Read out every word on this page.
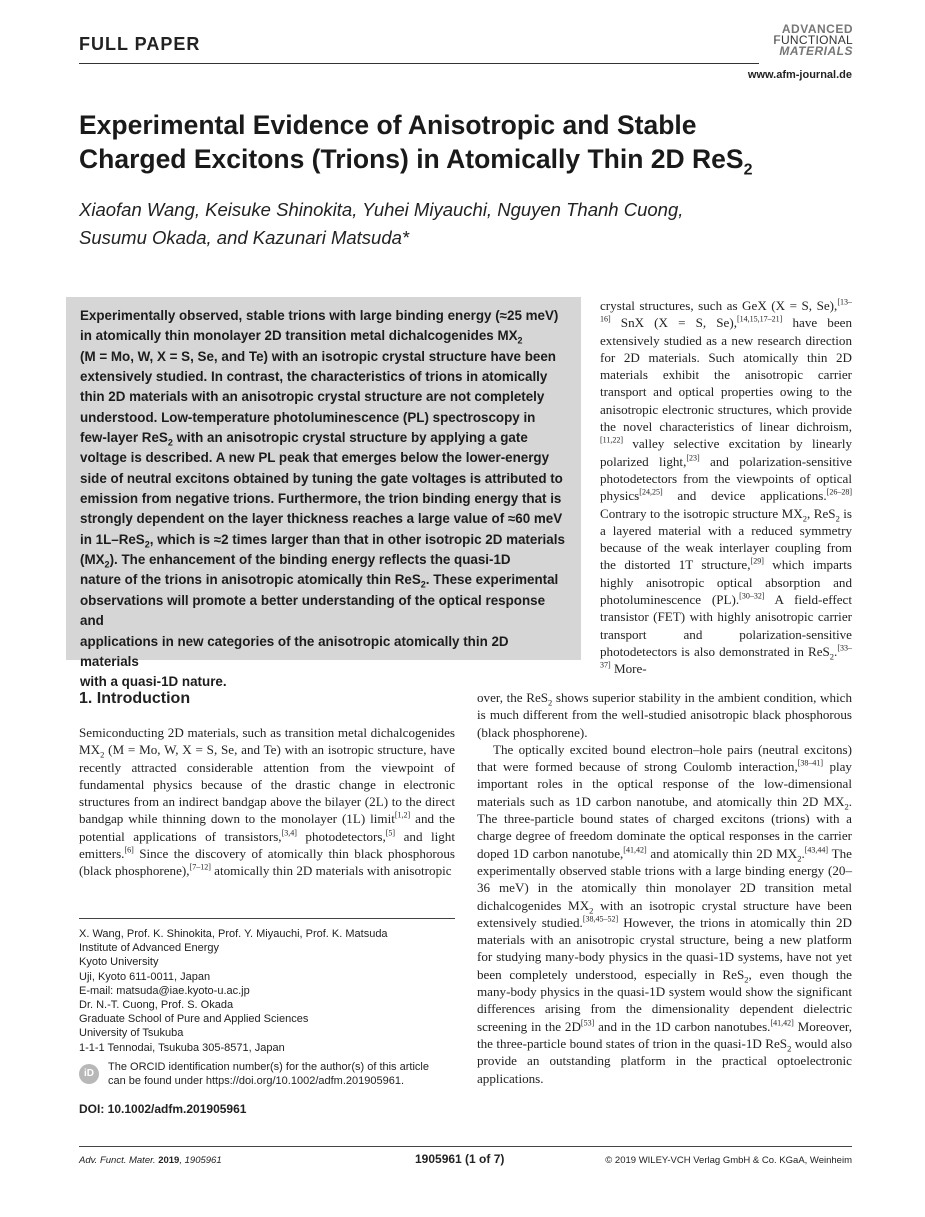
FULL PAPER
ADVANCED
FUNCTIONAL
MATERIALS
www.afm-journal.de
Experimental Evidence of Anisotropic and Stable
Charged Excitons (Trions) in Atomically Thin 2D ReS$_2$
Xiaofan Wang, Keisuke Shinokita, Yuhei Miyauchi, Nguyen Thanh Cuong,
Susumu Okada, and Kazunari Matsuda*
Experimentally observed, stable trions with large binding energy (≈25 meV)
in atomically thin monolayer 2D transition metal dichalcogenides $MX_2$
(M = Mo, W, X = S, Se, and Te) with an isotropic crystal structure have been
extensively studied. In contrast, the characteristics of trions in atomically
thin 2D materials with an anisotropic crystal structure are not completely
understood. Low-temperature photoluminescence (PL) spectroscopy in
few-layer ReS$_2$ with an anisotropic crystal structure by applying a gate
voltage is described. A new PL peak that emerges below the lower-energy
side of neutral excitons obtained by tuning the gate voltages is attributed to
emission from negative trions. Furthermore, the trion binding energy that is
strongly dependent on the layer thickness reaches a large value of ≈60 meV
in 1L–ReS$_2$, which is ≈2 times larger than that in other isotropic 2D materials
$(MX_2)$. The enhancement of the binding energy reflects the quasi-1D
nature of the trions in anisotropic atomically thin ReS$_2$. These experimental
observations will promote a better understanding of the optical response and
applications in new categories of the anisotropic atomically thin 2D materials
with a quasi-1D nature.

crystal structures, such as GeX (X = S, Se),[13–16] SnX (X = S, Se),[14,15,17–21] have been extensively studied as a new research direction for 2D materials. Such atomically thin 2D materials exhibit the anisotropic carrier transport and optical properties owing to the anisotropic electronic structures, which provide the novel characteristics of linear dichroism,[11,22] valley selective excitation by linearly polarized light,[23] and polarization-sensitive photodetectors from the viewpoints of optical physics[24,25] and device applications.[26–28] Contrary to the isotropic structure $MX_2$, ReS$_2$ is a layered material with a reduced symmetry because of the weak interlayer coupling from the distorted 1T structure,[29] which imparts highly anisotropic optical absorption and photoluminescence (PL).[30–32] A field-effect transistor (FET) with highly anisotropic carrier transport and polarization-sensitive photodetectors is also demonstrated in ReS$_2$.[33–37] More-

over, the ReS$_2$ shows superior stability in the ambient condition, which is much different from the well-studied anisotropic black phosphorous (black phosphorene).

The optically excited bound electron–hole pairs (neutral excitons) that were formed because of strong Coulomb interaction,[38–41] play important roles in the optical response of the low-dimensional materials such as 1D carbon nanotube, and atomically thin 2D $MX_2$. The three-particle bound states of charged excitons (trions) with a charge degree of freedom dominate the optical responses in the carrier doped 1D carbon nanotube,[41,42] and atomically thin 2D $MX_2.[43,44]$ The experimentally observed stable trions with a large binding energy (20–36 meV) in the atomically thin monolayer 2D transition metal dichalcogenides $MX_2$ with an isotropic crystal structure have been extensively studied.[38,45–52] However, the trions in atomically thin 2D materials with an anisotropic crystal structure, being a new platform for studying many-body physics in the quasi-1D systems, have not yet been completely understood, especially in ReS$_2$, even though the many-body physics in the quasi-1D system would show the significant differences arising from the dimensionality dependent dielectric screening in the 2D[53] and in the 1D carbon nanotubes.[41,42] Moreover, the three-particle bound states of trion in the quasi-1D ReS$_2$ would also provide an outstanding platform in the practical optoelectronic applications.

1. Introduction

Semiconducting 2D materials, such as transition metal dichalcogenides $MX_2$ (M = Mo, W, X = S, Se, and Te) with an isotropic structure, have recently attracted considerable attention from the viewpoint of fundamental physics because of the drastic change in electronic structures from an indirect bandgap above the bilayer (2L) to the direct bandgap while thinning down to the monolayer (1L) limit[1,2] and the potential applications of transistors,[3,4] photodetectors,[5] and light emitters.[6] Since the discovery of atomically thin black phosphorous (black phosphorene),[7–12] atomically thin 2D materials with anisotropic

X. Wang, Prof. K. Shinokita, Prof. Y. Miyauchi, Prof. K. Matsuda
Institute of Advanced Energy
Kyoto University
Uji, Kyoto 611-0011, Japan
E-mail: matsuda@iae.kyoto-u.ac.jp
Dr. N.-T. Cuong, Prof. S. Okada
Graduate School of Pure and Applied Sciences
University of Tsukuba
1-1-1 Tennodai, Tsukuba 305-8571, Japan
iD
The ORCID identification number(s) for the author(s) of this article
can be found under https://doi.org/10.1002/adfm.201905961.
DOI: 10.1002/adfm.201905961
Adv. Funct. Mater. 2019, 1905961	1905961 (1 of 7)	© 2019 WILEY-VCH Verlag GmbH & Co. KGaA, Weinheim
